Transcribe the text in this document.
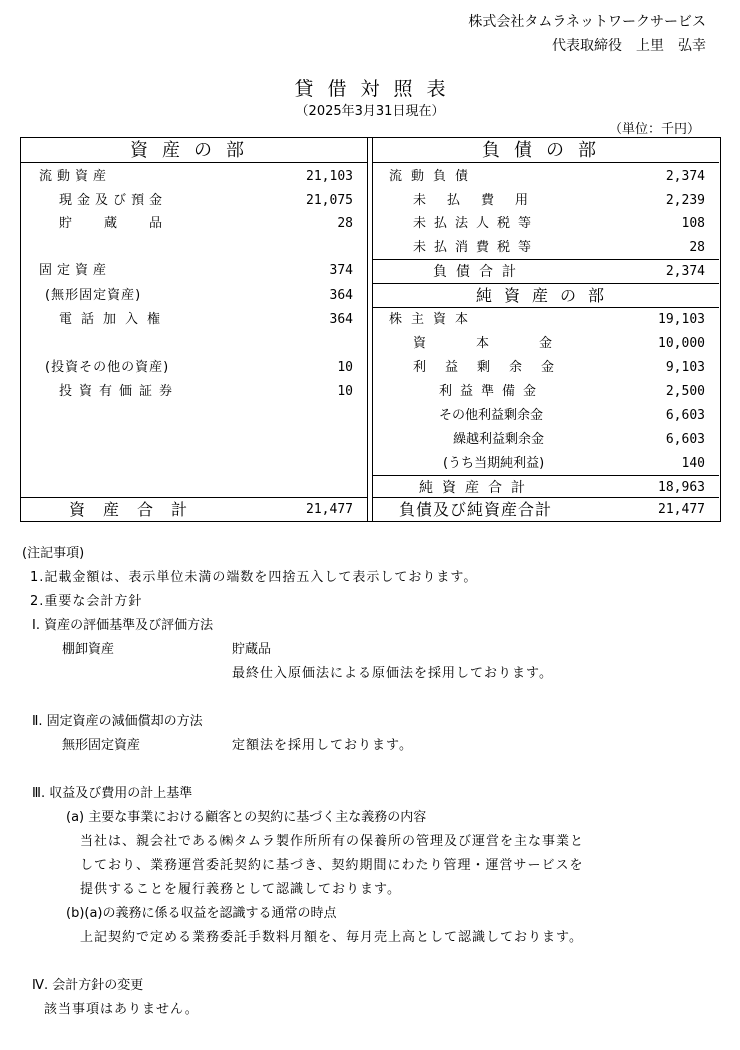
株式会社タムラネットワークサービス
代表取締役　上里　弘幸
貸借対照表
（2025年3月31日現在）
（単位：千円）
資産の部
流動資産	21,103
現金及び預金	21,075
貯　　蔵　　品	28
固定資産	374
(無形固定資産)	364
電話加入権	364
(投資その他の資産)	10
投資有価証券	10
資産合計	21,477
負債の部
流動負債	2,374
未　払　費　用	2,239
未払法人税等	108
未払消費税等	28
負債合計	2,374
純資産の部
株主資本	19,103
資　　本　　金	10,000
利益剰余金	9,103
利益準備金	2,500
その他利益剰余金	6,603
繰越利益剰余金	6,603
(うち当期純利益)	140
純資産合計	18,963
負債及び純資産合計	21,477
(注記事項)
1.記載金額は、表示単位未満の端数を四捨五入して表示しております。
2.重要な会計方針
Ⅰ. 資産の評価基準及び評価方法
棚卸資産	貯蔵品
最終仕入原価法による原価法を採用しております。
Ⅱ. 固定資産の減価償却の方法
無形固定資産	定額法を採用しております。
Ⅲ. 収益及び費用の計上基準
(a) 主要な事業における顧客との契約に基づく主な義務の内容
当社は、親会社である㈱タムラ製作所所有の保養所の管理及び運営を主な事業と
しており、業務運営委託契約に基づき、契約期間にわたり管理・運営サービスを
提供することを履行義務として認識しております。
(b)(a)の義務に係る収益を認識する通常の時点
上記契約で定める業務委託手数料月額を、毎月売上高として認識しております。
Ⅳ. 会計方針の変更
該当事項はありません。
